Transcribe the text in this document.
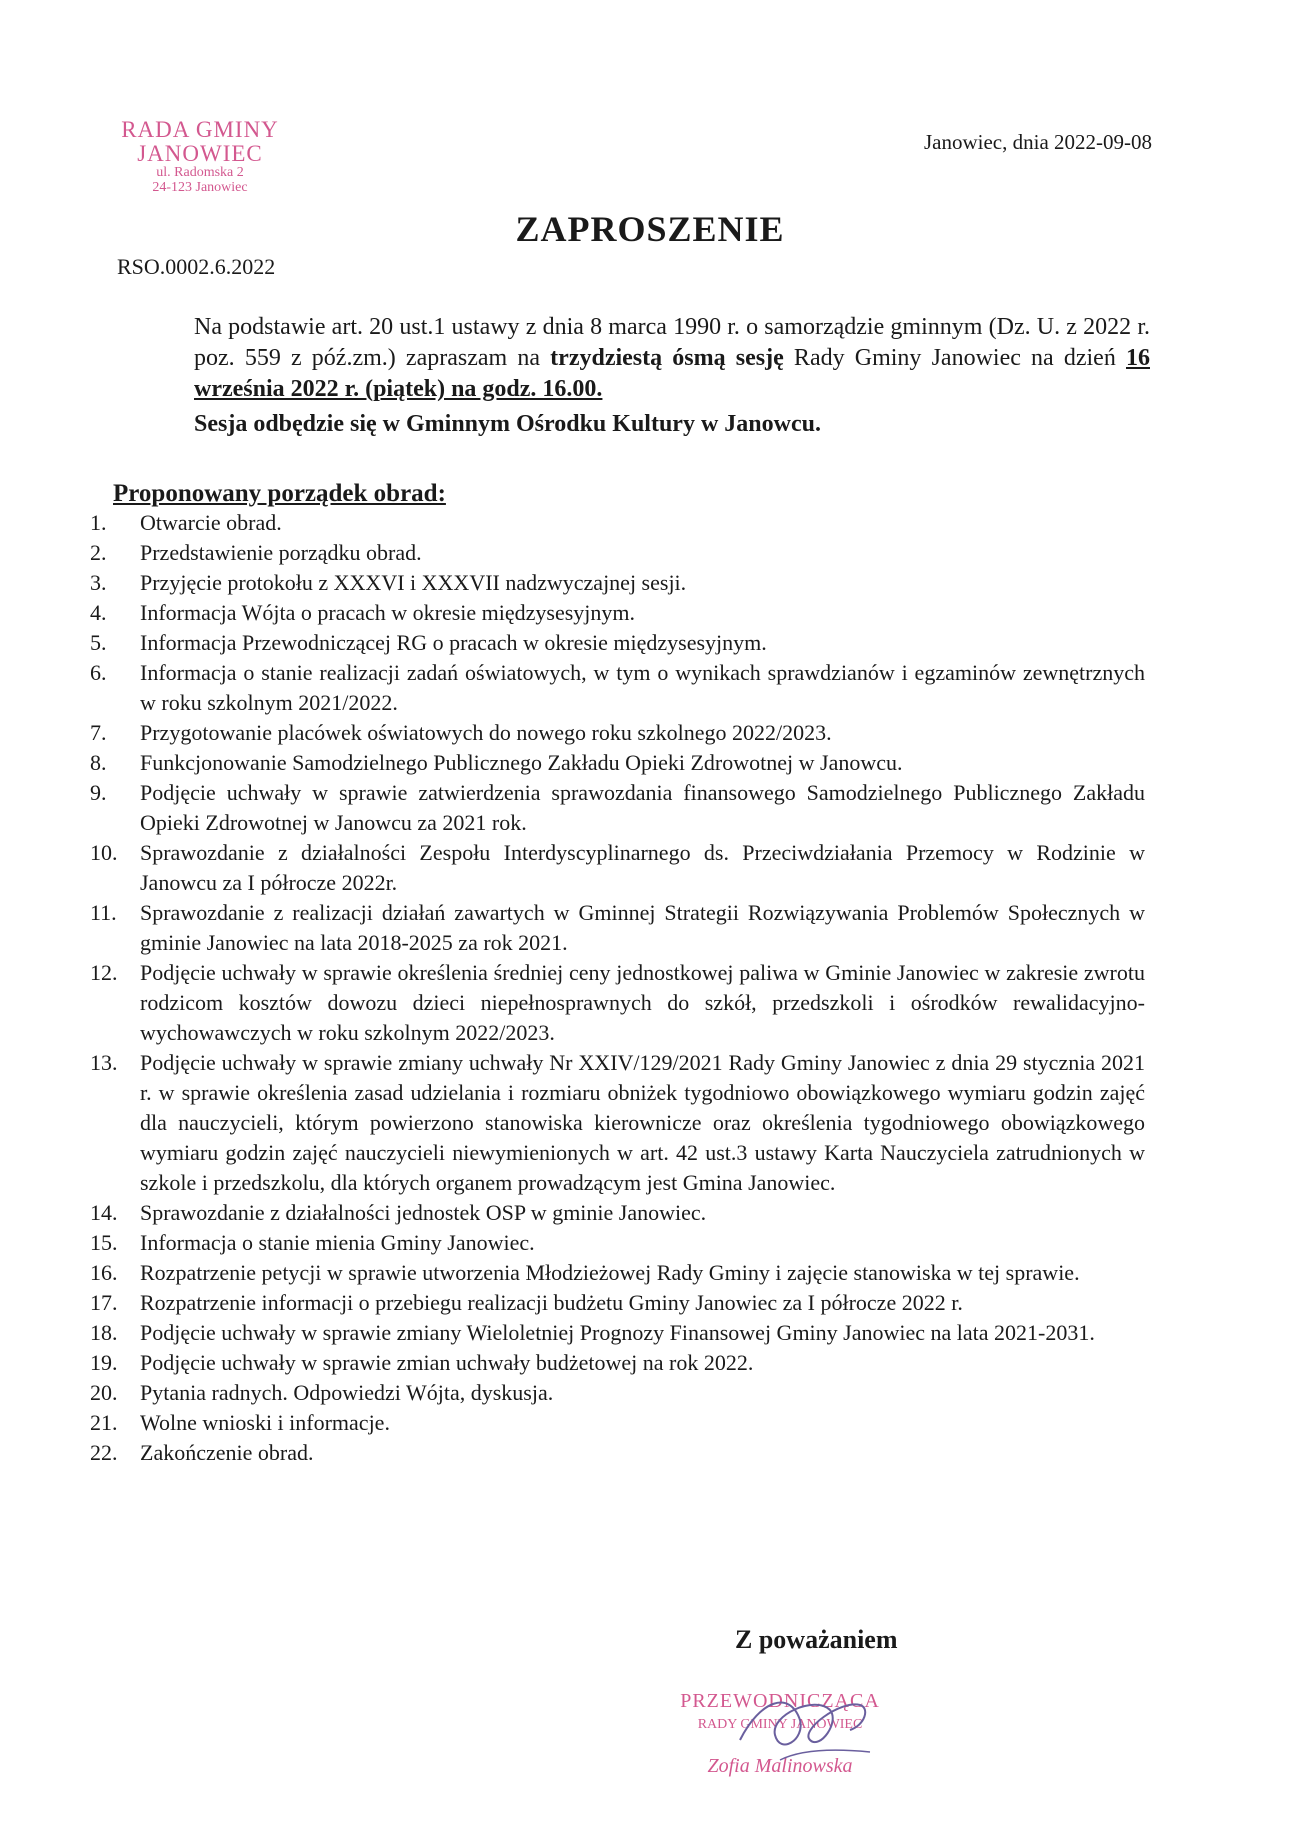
RADA GMINY
JANOWIEC
ul. Radomska 2
24-123 Janowiec
Janowiec, dnia 2022-09-08
ZAPROSZENIE
RSO.0002.6.2022

Na podstawie art. 20 ust.1 ustawy z dnia 8 marca 1990 r. o samorządzie gminnym (Dz. U. z 2022 r. poz. 559 z póź.zm.) zapraszam na trzydziestą ósmą sesję Rady Gminy Janowiec na dzień 16 września 2022 r. (piątek) na godz. 16.00.

Sesja odbędzie się w Gminnym Ośrodku Kultury w Janowcu.

Proponowany porządek obrad:
1.	Otwarcie obrad.
2.	Przedstawienie porządku obrad.
3.	Przyjęcie protokołu z XXXVI i XXXVII nadzwyczajnej sesji.
4.	Informacja Wójta o pracach w okresie międzysesyjnym.
5.	Informacja Przewodniczącej RG o pracach w okresie międzysesyjnym.
6.	Informacja o stanie realizacji zadań oświatowych, w tym o wynikach sprawdzianów i egzaminów zewnętrznych w roku szkolnym 2021/2022.
7.	Przygotowanie placówek oświatowych do nowego roku szkolnego 2022/2023.
8.	Funkcjonowanie Samodzielnego Publicznego Zakładu Opieki Zdrowotnej w Janowcu.
9.	Podjęcie uchwały w sprawie zatwierdzenia sprawozdania finansowego Samodzielnego Publicznego Zakładu Opieki Zdrowotnej w Janowcu za 2021 rok.
10.	Sprawozdanie z działalności Zespołu Interdyscyplinarnego ds. Przeciwdziałania Przemocy w Rodzinie w Janowcu za I półrocze 2022r.
11.	Sprawozdanie z realizacji działań zawartych w Gminnej Strategii Rozwiązywania Problemów Społecznych w gminie Janowiec na lata 2018-2025 za rok 2021.
12.	Podjęcie uchwały w sprawie określenia średniej ceny jednostkowej paliwa w Gminie Janowiec w zakresie zwrotu rodzicom kosztów dowozu dzieci niepełnosprawnych do szkół, przedszkoli i ośrodków rewalidacyjno-wychowawczych w roku szkolnym 2022/2023.
13.	Podjęcie uchwały w sprawie zmiany uchwały Nr XXIV/129/2021 Rady Gminy Janowiec z dnia 29 stycznia 2021 r. w sprawie określenia zasad udzielania i rozmiaru obniżek tygodniowo obowiązkowego wymiaru godzin zajęć dla nauczycieli, którym powierzono stanowiska kierownicze oraz określenia tygodniowego obowiązkowego wymiaru godzin zajęć nauczycieli niewymienionych w art. 42 ust.3 ustawy Karta Nauczyciela zatrudnionych w szkole i przedszkolu, dla których organem prowadzącym jest Gmina Janowiec.
14.	Sprawozdanie z działalności jednostek OSP w gminie Janowiec.
15.	Informacja o stanie mienia Gminy Janowiec.
16.	Rozpatrzenie petycji w sprawie utworzenia Młodzieżowej Rady Gminy i zajęcie stanowiska w tej sprawie.
17.	Rozpatrzenie informacji o przebiegu realizacji budżetu Gminy Janowiec za I półrocze 2022 r.
18.	Podjęcie uchwały w sprawie zmiany Wieloletniej Prognozy Finansowej Gminy Janowiec na lata 2021-2031.
19.	Podjęcie uchwały w sprawie zmian uchwały budżetowej na rok 2022.
20.	Pytania radnych. Odpowiedzi Wójta, dyskusja.
21.	Wolne wnioski i informacje.
22.	Zakończenie obrad.
Z poważaniem
PRZEWODNICZĄCA
RADY GMINY JANOWIEC
Zofia Malinowska
